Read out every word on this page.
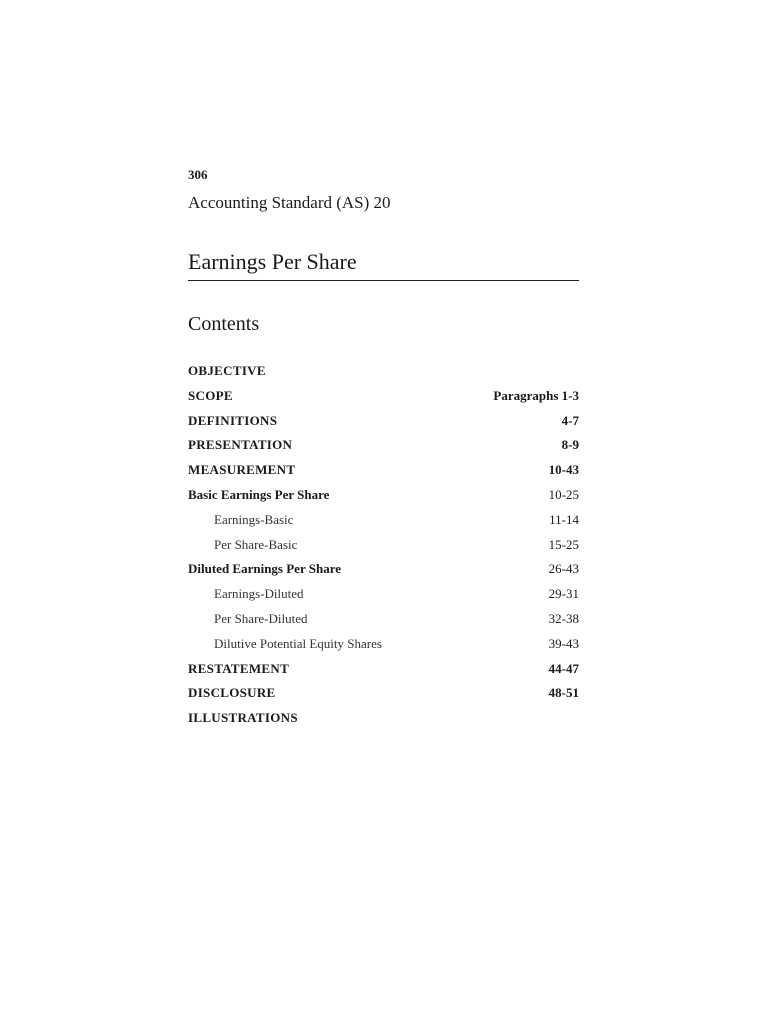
306
Accounting Standard (AS) 20
Earnings Per Share
Contents
OBJECTIVE
SCOPE	Paragraphs 1-3
DEFINITIONS	4-7
PRESENTATION	8-9
MEASUREMENT	10-43
Basic Earnings Per Share	10-25
Earnings-Basic	11-14
Per Share-Basic	15-25
Diluted Earnings Per Share	26-43
Earnings-Diluted	29-31
Per Share-Diluted	32-38
Dilutive Potential Equity Shares	39-43
RESTATEMENT	44-47
DISCLOSURE	48-51
ILLUSTRATIONS
